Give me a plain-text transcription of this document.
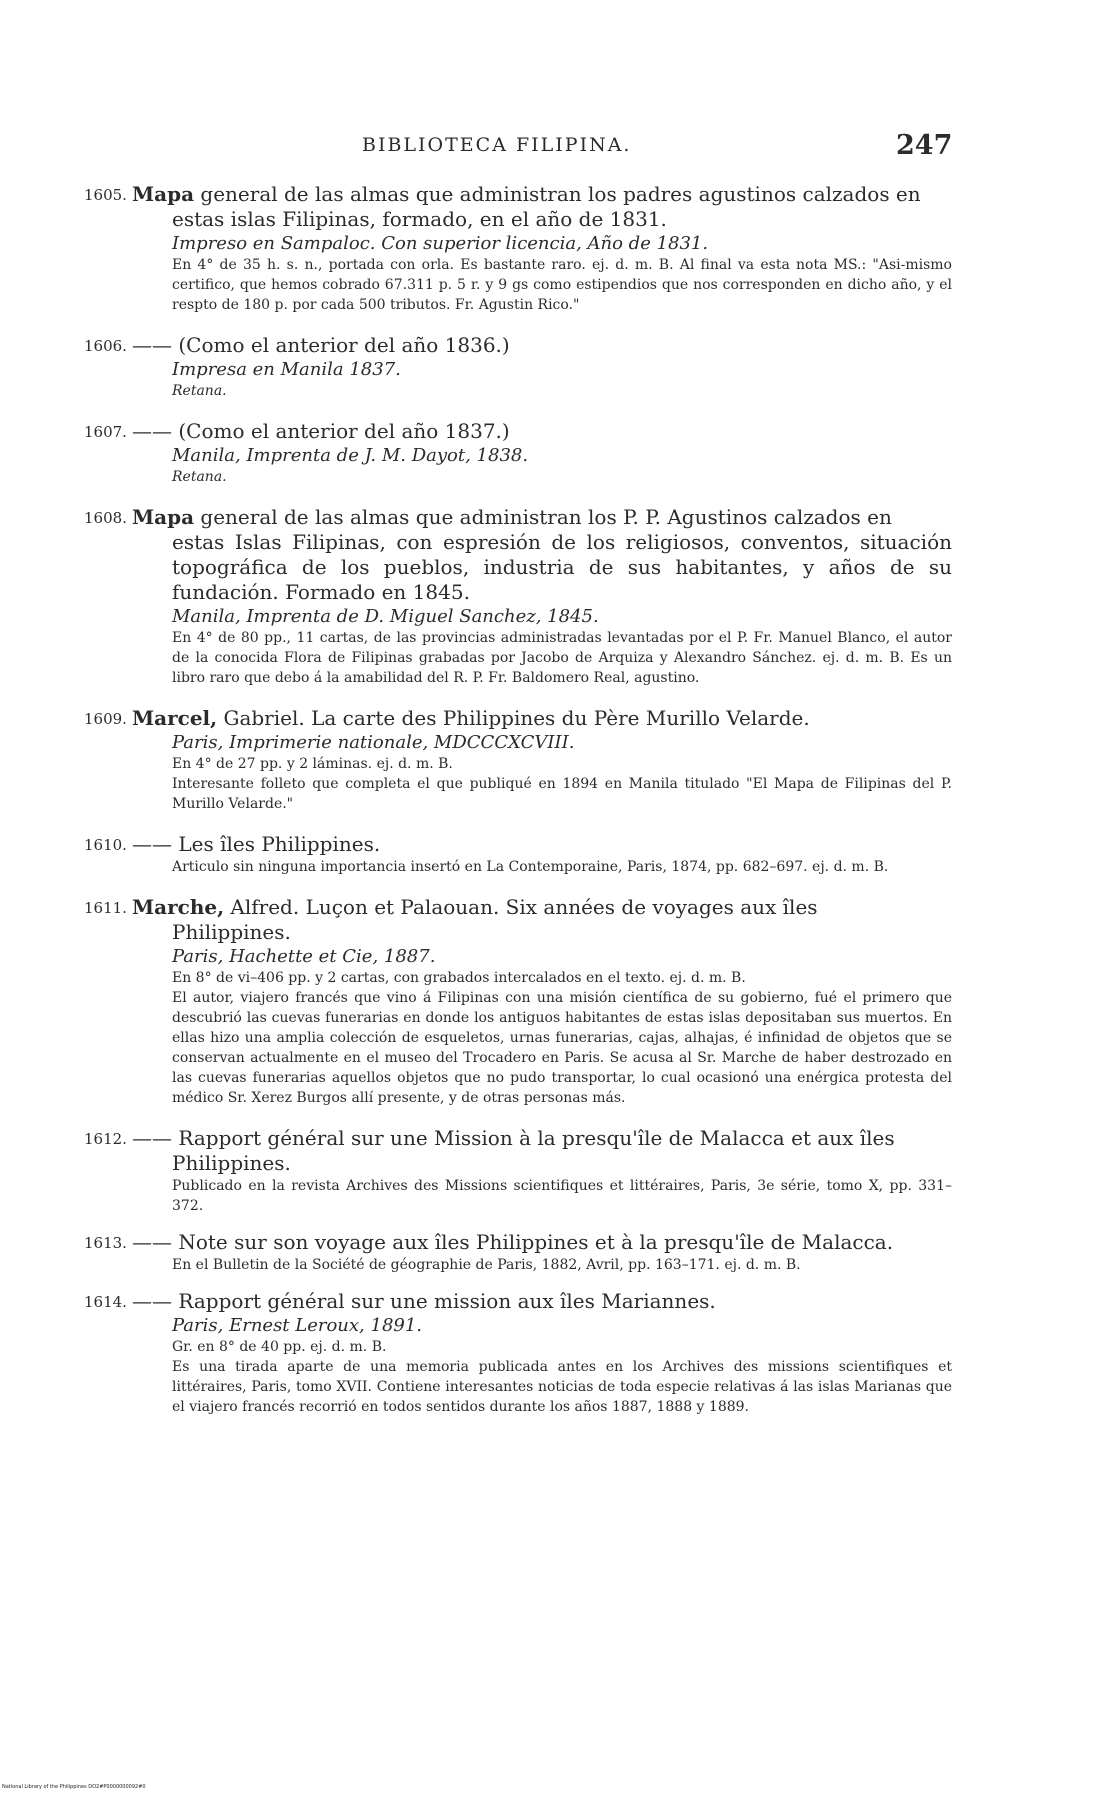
BIBLIOTECA FILIPINA.	247
1605. Mapa general de las almas que administran los padres agustinos calzados en
estas islas Filipinas, formado, en el año de 1831.
Impreso en Sampaloc. Con superior licencia, Año de 1831.
En 4° de 35 h. s. n., portada con orla. Es bastante raro. ej. d. m. B. Al final va esta nota MS.: "Asi-mismo certifico, que hemos cobrado 67.311 p. 5 r. y 9 gs como estipendios que nos corresponden en dicho año, y el respto de 180 p. por cada 500 tributos. Fr. Agustin Rico."
1606. —— (Como el anterior del año 1836.)
Impresa en Manila 1837.
Retana.
1607. —— (Como el anterior del año 1837.)
Manila, Imprenta de J. M. Dayot, 1838.
Retana.
1608. Mapa general de las almas que administran los P. P. Agustinos calzados en
estas Islas Filipinas, con espresión de los religiosos, conventos, situación topográfica de los pueblos, industria de sus habitantes, y años de su fundación. Formado en 1845.
Manila, Imprenta de D. Miguel Sanchez, 1845.
En 4° de 80 pp., 11 cartas, de las provincias administradas levantadas por el P. Fr. Manuel Blanco, el autor de la conocida Flora de Filipinas grabadas por Jacobo de Arquiza y Alexandro Sánchez. ej. d. m. B. Es un libro raro que debo á la amabilidad del R. P. Fr. Baldomero Real, agustino.
1609. Marcel, Gabriel. La carte des Philippines du Père Murillo Velarde.
Paris, Imprimerie nationale, MDCCCXCVIII.
En 4° de 27 pp. y 2 láminas. ej. d. m. B.
Interesante folleto que completa el que publiqué en 1894 en Manila titulado "El Mapa de Filipinas del P. Murillo Velarde."
1610. —— Les îles Philippines.
Articulo sin ninguna importancia insertó en La Contemporaine, Paris, 1874, pp. 682–697. ej. d. m. B.
1611. Marche, Alfred. Luçon et Palaouan. Six années de voyages aux îles
Philippines.
Paris, Hachette et Cie, 1887.
En 8° de vi–406 pp. y 2 cartas, con grabados intercalados en el texto. ej. d. m. B.
El autor, viajero francés que vino á Filipinas con una misión científica de su gobierno, fué el primero que descubrió las cuevas funerarias en donde los antiguos habitantes de estas islas depositaban sus muertos. En ellas hizo una amplia colección de esqueletos, urnas funerarias, cajas, alhajas, é infinidad de objetos que se conservan actualmente en el museo del Trocadero en Paris. Se acusa al Sr. Marche de haber destrozado en las cuevas funerarias aquellos objetos que no pudo transportar, lo cual ocasionó una enérgica protesta del médico Sr. Xerez Burgos allí presente, y de otras personas más.
1612. —— Rapport général sur une Mission à la presqu'île de Malacca et aux îles
Philippines.
Publicado en la revista Archives des Missions scientifiques et littéraires, Paris, 3e série, tomo X, pp. 331–372.
1613. —— Note sur son voyage aux îles Philippines et à la presqu'île de Malacca.
En el Bulletin de la Société de géographie de Paris, 1882, Avril, pp. 163–171. ej. d. m. B.
1614. —— Rapport général sur une mission aux îles Mariannes.
Paris, Ernest Leroux, 1891.
Gr. en 8° de 40 pp. ej. d. m. B.
Es una tirada aparte de una memoria publicada antes en los Archives des missions scientifiques et littéraires, Paris, tomo XVII. Contiene interesantes noticias de toda especie relativas á las islas Marianas que el viajero francés recorrió en todos sentidos durante los años 1887, 1888 y 1889.
National Library of the Philippines DO2#P0000000092#0
